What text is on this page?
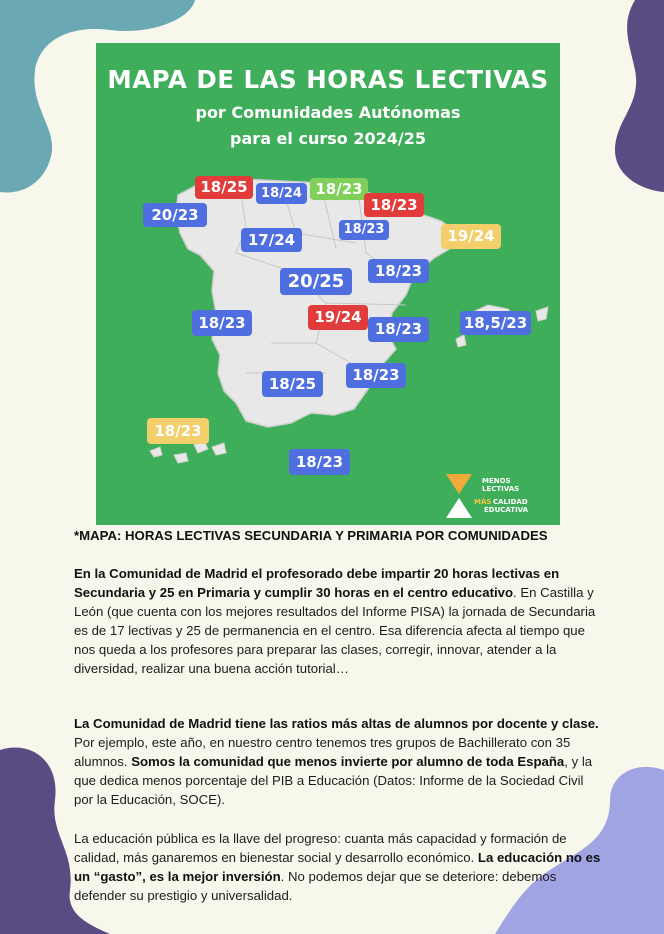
MAPA DE LAS HORAS LECTIVAS
por Comunidades Autónomas
para el curso 2024/25
20/23
18/25	18/24 18/23
18/23
18/23	19/24
17/24
20/25	18/23
18,5/23
18/23	19/24
18/23
18/23
18/25
18/23
18/23
MENOS
LECTIVAS
MÁS CALIDAD
EDUCATIVA

*MAPA: HORAS LECTIVAS SECUNDARIA Y PRIMARIA POR COMUNIDADES

En la Comunidad de Madrid el profesorado debe impartir 20 horas lectivas en Secundaria y 25 en Primaria y cumplir 30 horas en el centro educativo. En Castilla y León (que cuenta con los mejores resultados del Informe PISA) la jornada de Secundaria es de 17 lectivas y 25 de permanencia en el centro. Esa diferencia afecta al tiempo que nos queda a los profesores para preparar las clases, corregir, innovar, atender a la diversidad, realizar una buena acción tutorial…

La Comunidad de Madrid tiene las ratios más altas de alumnos por docente y clase. Por ejemplo, este año, en nuestro centro tenemos tres grupos de Bachillerato con 35 alumnos. Somos la comunidad que menos invierte por alumno de toda España, y la que dedica menos porcentaje del PIB a Educación (Datos: Informe de la Sociedad Civil por la Educación, SOCE).

La educación pública es la llave del progreso: cuanta más capacidad y formación de calidad, más ganaremos en bienestar social y desarrollo económico. La educación no es un “gasto”, es la mejor inversión. No podemos dejar que se deteriore: debemos defender su prestigio y universalidad.
